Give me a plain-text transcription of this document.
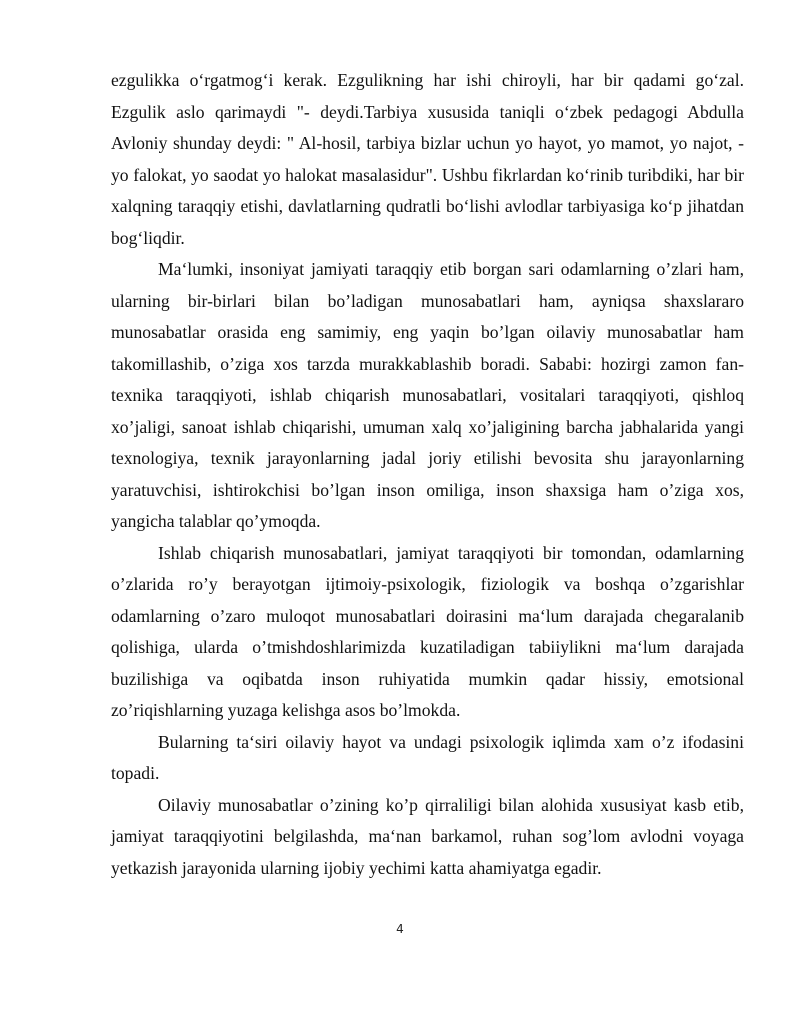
ezgulikka oʻrgatmogʻi kerak. Ezgulikning har ishi chiroyli, har bir qadami goʻzal. Ezgulik aslo qarimaydi "- deydi.Tarbiya xususida taniqli oʻzbek pedagogi Abdulla Avloniy shunday deydi: " Al-hosil, tarbiya bizlar uchun yo hayot, yo mamot, yo najot, -yo falokat, yo saodat yo halokat masalasidur". Ushbu fikrlardan koʻrinib turibdiki, har bir xalqning taraqqiy etishi, davlatlarning qudratli boʻlishi avlodlar tarbiyasiga koʻp jihatdan bogʻliqdir.

Maʻlumki, insoniyat jamiyati taraqqiy etib borgan sari odamlarning oʼzlari ham, ularning bir-birlari bilan boʼladigan munosabatlari ham, ayniqsa shaxslararo munosabatlar orasida eng samimiy, eng yaqin boʼlgan oilaviy munosabatlar ham takomillashib, oʼziga xos tarzda murakkablashib boradi. Sababi: hozirgi zamon fan-texnika taraqqiyoti, ishlab chiqarish munosabatlari, vositalari taraqqiyoti, qishloq xoʼjaligi, sanoat ishlab chiqarishi, umuman xalq xoʼjaligining barcha jabhalarida yangi texnologiya, texnik jarayonlarning jadal joriy etilishi bevosita shu jarayonlarning yaratuvchisi, ishtirokchisi boʼlgan inson omiliga, inson shaxsiga ham oʼziga xos, yangicha talablar qoʼymoqda.

Ishlab chiqarish munosabatlari, jamiyat taraqqiyoti bir tomondan, odamlarning oʼzlarida roʼy berayotgan ijtimoiy-psixologik, fiziologik va boshqa oʼzgarishlar odamlarning oʼzaro muloqot munosabatlari doirasini maʻlum darajada chegaralanib qolishiga, ularda oʼtmishdoshlarimizda kuzatiladigan tabiiylikni maʻlum darajada buzilishiga va oqibatda inson ruhiyatida mumkin qadar hissiy, emotsional zoʼriqishlarning yuzaga kelishga asos boʼlmokda.

Bularning taʻsiri oilaviy hayot va undagi psixologik iqlimda xam oʼz ifodasini topadi.

Oilaviy munosabatlar oʼzining koʼp qirraliligi bilan alohida xususiyat kasb etib, jamiyat taraqqiyotini belgilashda, maʻnan barkamol, ruhan sogʼlom avlodni voyaga yetkazish jarayonida ularning ijobiy yechimi katta ahamiyatga egadir.

4
